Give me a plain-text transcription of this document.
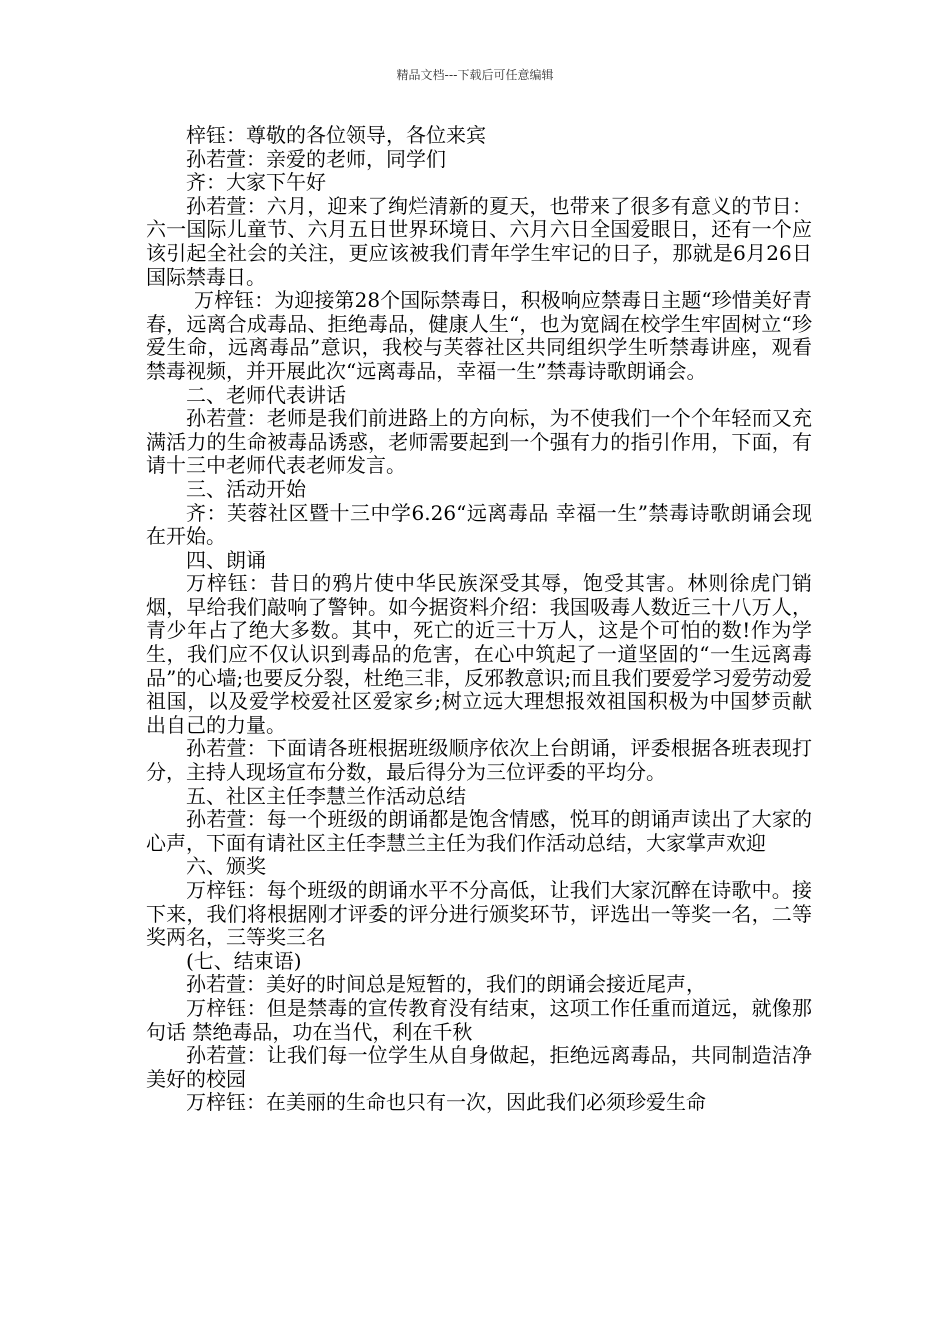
精品文档---下载后可任意编辑

梓钰：尊敬的各位领导，各位来宾

孙若萱：亲爱的老师，同学们

齐：大家下午好

孙若萱：六月，迎来了绚烂清新的夏天，也带来了很多有意义的节日：六一国际儿童节、六月五日世界环境日、六月六日全国爱眼日，还有一个应该引起全社会的关注，更应该被我们青年学生牢记的日子，那就是6月26日国际禁毒日。

万梓钰：为迎接第28个国际禁毒日，积极响应禁毒日主题“珍惜美好青春，远离合成毒品、拒绝毒品，健康人生“，也为宽阔在校学生牢固树立“珍爱生命，远离毒品”意识，我校与芙蓉社区共同组织学生听禁毒讲座，观看禁毒视频，并开展此次“远离毒品，幸福一生”禁毒诗歌朗诵会。

二、老师代表讲话

孙若萱：老师是我们前进路上的方向标，为不使我们一个个年轻而又充满活力的生命被毒品诱惑，老师需要起到一个强有力的指引作用，下面，有请十三中老师代表老师发言。

三、活动开始

齐：芙蓉社区暨十三中学6.26“远离毒品 幸福一生”禁毒诗歌朗诵会现在开始。

四、朗诵

万梓钰：昔日的鸦片使中华民族深受其辱，饱受其害。林则徐虎门销烟，早给我们敲响了警钟。如今据资料介绍：我国吸毒人数近三十八万人，青少年占了绝大多数。其中，死亡的近三十万人，这是个可怕的数!作为学生，我们应不仅认识到毒品的危害，在心中筑起了一道坚固的“一生远离毒品”的心墙;也要反分裂，杜绝三非，反邪教意识;而且我们要爱学习爱劳动爱祖国，以及爱学校爱社区爱家乡;树立远大理想报效祖国积极为中国梦贡献出自己的力量。

孙若萱：下面请各班根据班级顺序依次上台朗诵，评委根据各班表现打分，主持人现场宣布分数，最后得分为三位评委的平均分。

五、社区主任李慧兰作活动总结

孙若萱：每一个班级的朗诵都是饱含情感，悦耳的朗诵声读出了大家的心声，下面有请社区主任李慧兰主任为我们作活动总结，大家掌声欢迎

六、颁奖

万梓钰：每个班级的朗诵水平不分高低，让我们大家沉醉在诗歌中。接下来，我们将根据刚才评委的评分进行颁奖环节，评选出一等奖一名，二等奖两名，三等奖三名

(七、结束语)

孙若萱：美好的时间总是短暂的，我们的朗诵会接近尾声，

万梓钰：但是禁毒的宣传教育没有结束，这项工作任重而道远，就像那句话 禁绝毒品，功在当代，利在千秋

孙若萱：让我们每一位学生从自身做起，拒绝远离毒品，共同制造洁净美好的校园

万梓钰：在美丽的生命也只有一次，因此我们必须珍爱生命
